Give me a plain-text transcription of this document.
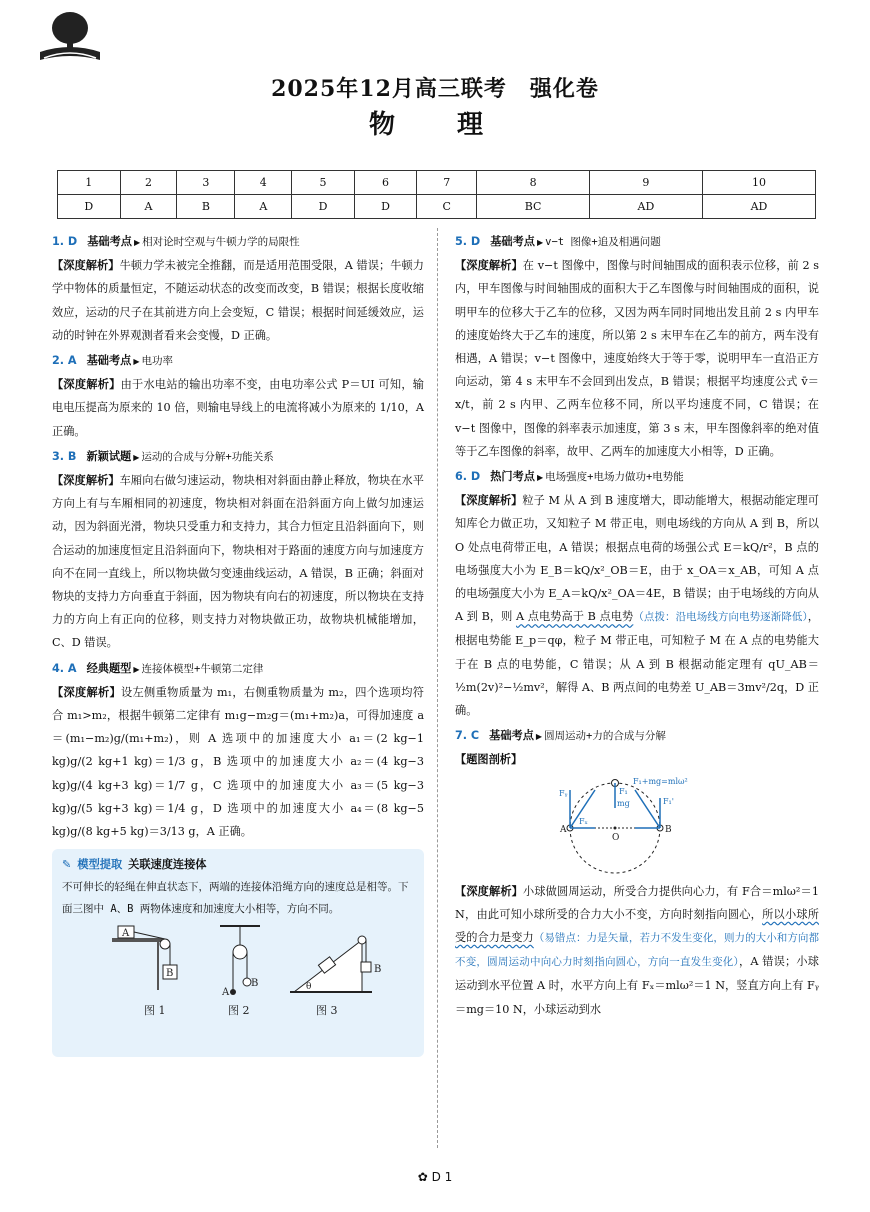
2025年12月高三联考　强化卷
物　理
1	2	3	4	5	6	7	8	9	10
D	A	B	A	D	D	C	BC	AD	AD

1. D 基础考点 ▶ 相对论时空观与牛顿力学的局限性

【深度解析】牛顿力学未被完全推翻，而是适用范围受限，A 错误；牛顿力学中物体的质量恒定，不随运动状态的改变而改变，B 错误；根据长度收缩效应，运动的尺子在其前进方向上会变短，C 错误；根据时间延缓效应，运动的时钟在外界观测者看来会变慢，D 正确。

2. A 基础考点 ▶ 电功率

【深度解析】由于水电站的输出功率不变，由电功率公式 P＝UI 可知，输电电压提高为原来的 10 倍，则输电导线上的电流将减小为原来的 1/10，A 正确。

3. B 新颖试题 ▶ 运动的合成与分解+功能关系

【深度解析】车厢向右做匀速运动，物块相对斜面由静止释放，物块在水平方向上有与车厢相同的初速度，物块相对斜面在沿斜面方向上做匀加速运动，因为斜面光滑，物块只受重力和支持力，其合力恒定且沿斜面向下，则合运动的加速度恒定且沿斜面向下，物块相对于路面的速度方向与加速度方向不在同一直线上，所以物块做匀变速曲线运动，A 错误，B 正确；斜面对物块的支持力方向垂直于斜面，因为物块有向右的初速度，所以物块在支持力的方向上有正向的位移，则支持力对物块做正功，故物块机械能增加，C、D 错误。

4. A 经典题型 ▶ 连接体模型+牛顿第二定律

【深度解析】设左侧重物质量为 m₁，右侧重物质量为 m₂，四个选项均符合 m₁>m₂，根据牛顿第二定律有 m₁g−m₂g＝(m₁+m₂)a，可得加速度 a＝(m₁−m₂)g/(m₁+m₂)，则 A 选项中的加速度大小 a₁＝(2 kg−1 kg)g/(2 kg+1 kg)＝1/3 g，B 选项中的加速度大小 a₂＝(4 kg−3 kg)g/(4 kg+3 kg)＝1/7 g，C 选项中的加速度大小 a₃＝(5 kg−3 kg)g/(5 kg+3 kg)＝1/4 g，D 选项中的加速度大小 a₄＝(8 kg−5 kg)g/(8 kg+5 kg)＝3/13 g，A 正确。

✎ 模型提取 关联速度连接体
不可伸长的轻绳在伸直状态下，两端的连接体沿绳方向的速度总是相等。下面三图中 A、B 两物体速度和加速度大小相等，方向不同。
A
B
图 1
A
B
图 2
B
θ
图 3

5. D 基础考点 ▶ v−t 图像+追及相遇问题

【深度解析】在 v−t 图像中，图像与时间轴围成的面积表示位移，前 2 s 内，甲车图像与时间轴围成的面积大于乙车图像与时间轴围成的面积，说明甲车的位移大于乙车的位移，又因为两车同时同地出发且前 2 s 内甲车的速度始终大于乙车的速度，所以第 2 s 末甲车在乙车的前方，两车没有相遇，A 错误；v−t 图像中，速度始终大于等于零，说明甲车一直沿正方向运动，第 4 s 末甲车不会回到出发点，B 错误；根据平均速度公式 v̄＝x/t，前 2 s 内甲、乙两车位移不同，所以平均速度不同，C 错误；在 v−t 图像中，图像的斜率表示加速度，第 3 s 末，甲车图像斜率的绝对值等于乙车图像的斜率，故甲、乙两车的加速度大小相等，D 正确。

6. D 热门考点 ▶ 电场强度+电场力做功+电势能

【深度解析】粒子 M 从 A 到 B 速度增大，即动能增大，根据动能定理可知库仑力做正功，又知粒子 M 带正电，则电场线的方向从 A 到 B，所以 O 处点电荷带正电，A 错误；根据点电荷的场强公式 E＝kQ/r²，B 点的电场强度大小为 E_B＝kQ/x²_OB＝E，由于 x_OA＝x_AB，可知 A 点的电场强度大小为 E_A＝kQ/x²_OA＝4E，B 错误；由于电场线的方向从 A 到 B，则 A 点电势高于 B 点电势（点拨：沿电场线方向电势逐渐降低），根据电势能 E_p＝qφ，粒子 M 带正电，可知粒子 M 在 A 点的电势能大于在 B 点的电势能，C 错误；从 A 到 B 根据动能定理有 qU_AB＝½m(2v)²−½mv²，解得 A、B 两点间的电势差 U_AB＝3mv²/2q，D 正确。

7. C 基础考点 ▶ 圆周运动+力的合成与分解

【题图剖析】

F₁+mg=mlω²
F₁
F₁'
mg
Fₓ
Fᵧ
A	B
O

【深度解析】小球做圆周运动，所受合力提供向心力，有 F合＝mlω²＝1 N，由此可知小球所受的合力大小不变，方向时刻指向圆心，所以小球所受的合力是变力（易错点：力是矢量，若力不发生变化，则力的大小和方向都不变，圆周运动中向心力时刻指向圆心，方向一直发生变化），A 错误；小球运动到水平位置 A 时，水平方向上有 Fₓ＝mlω²＝1 N，竖直方向上有 Fᵧ＝mg＝10 N，小球运动到水

✿ D 1
